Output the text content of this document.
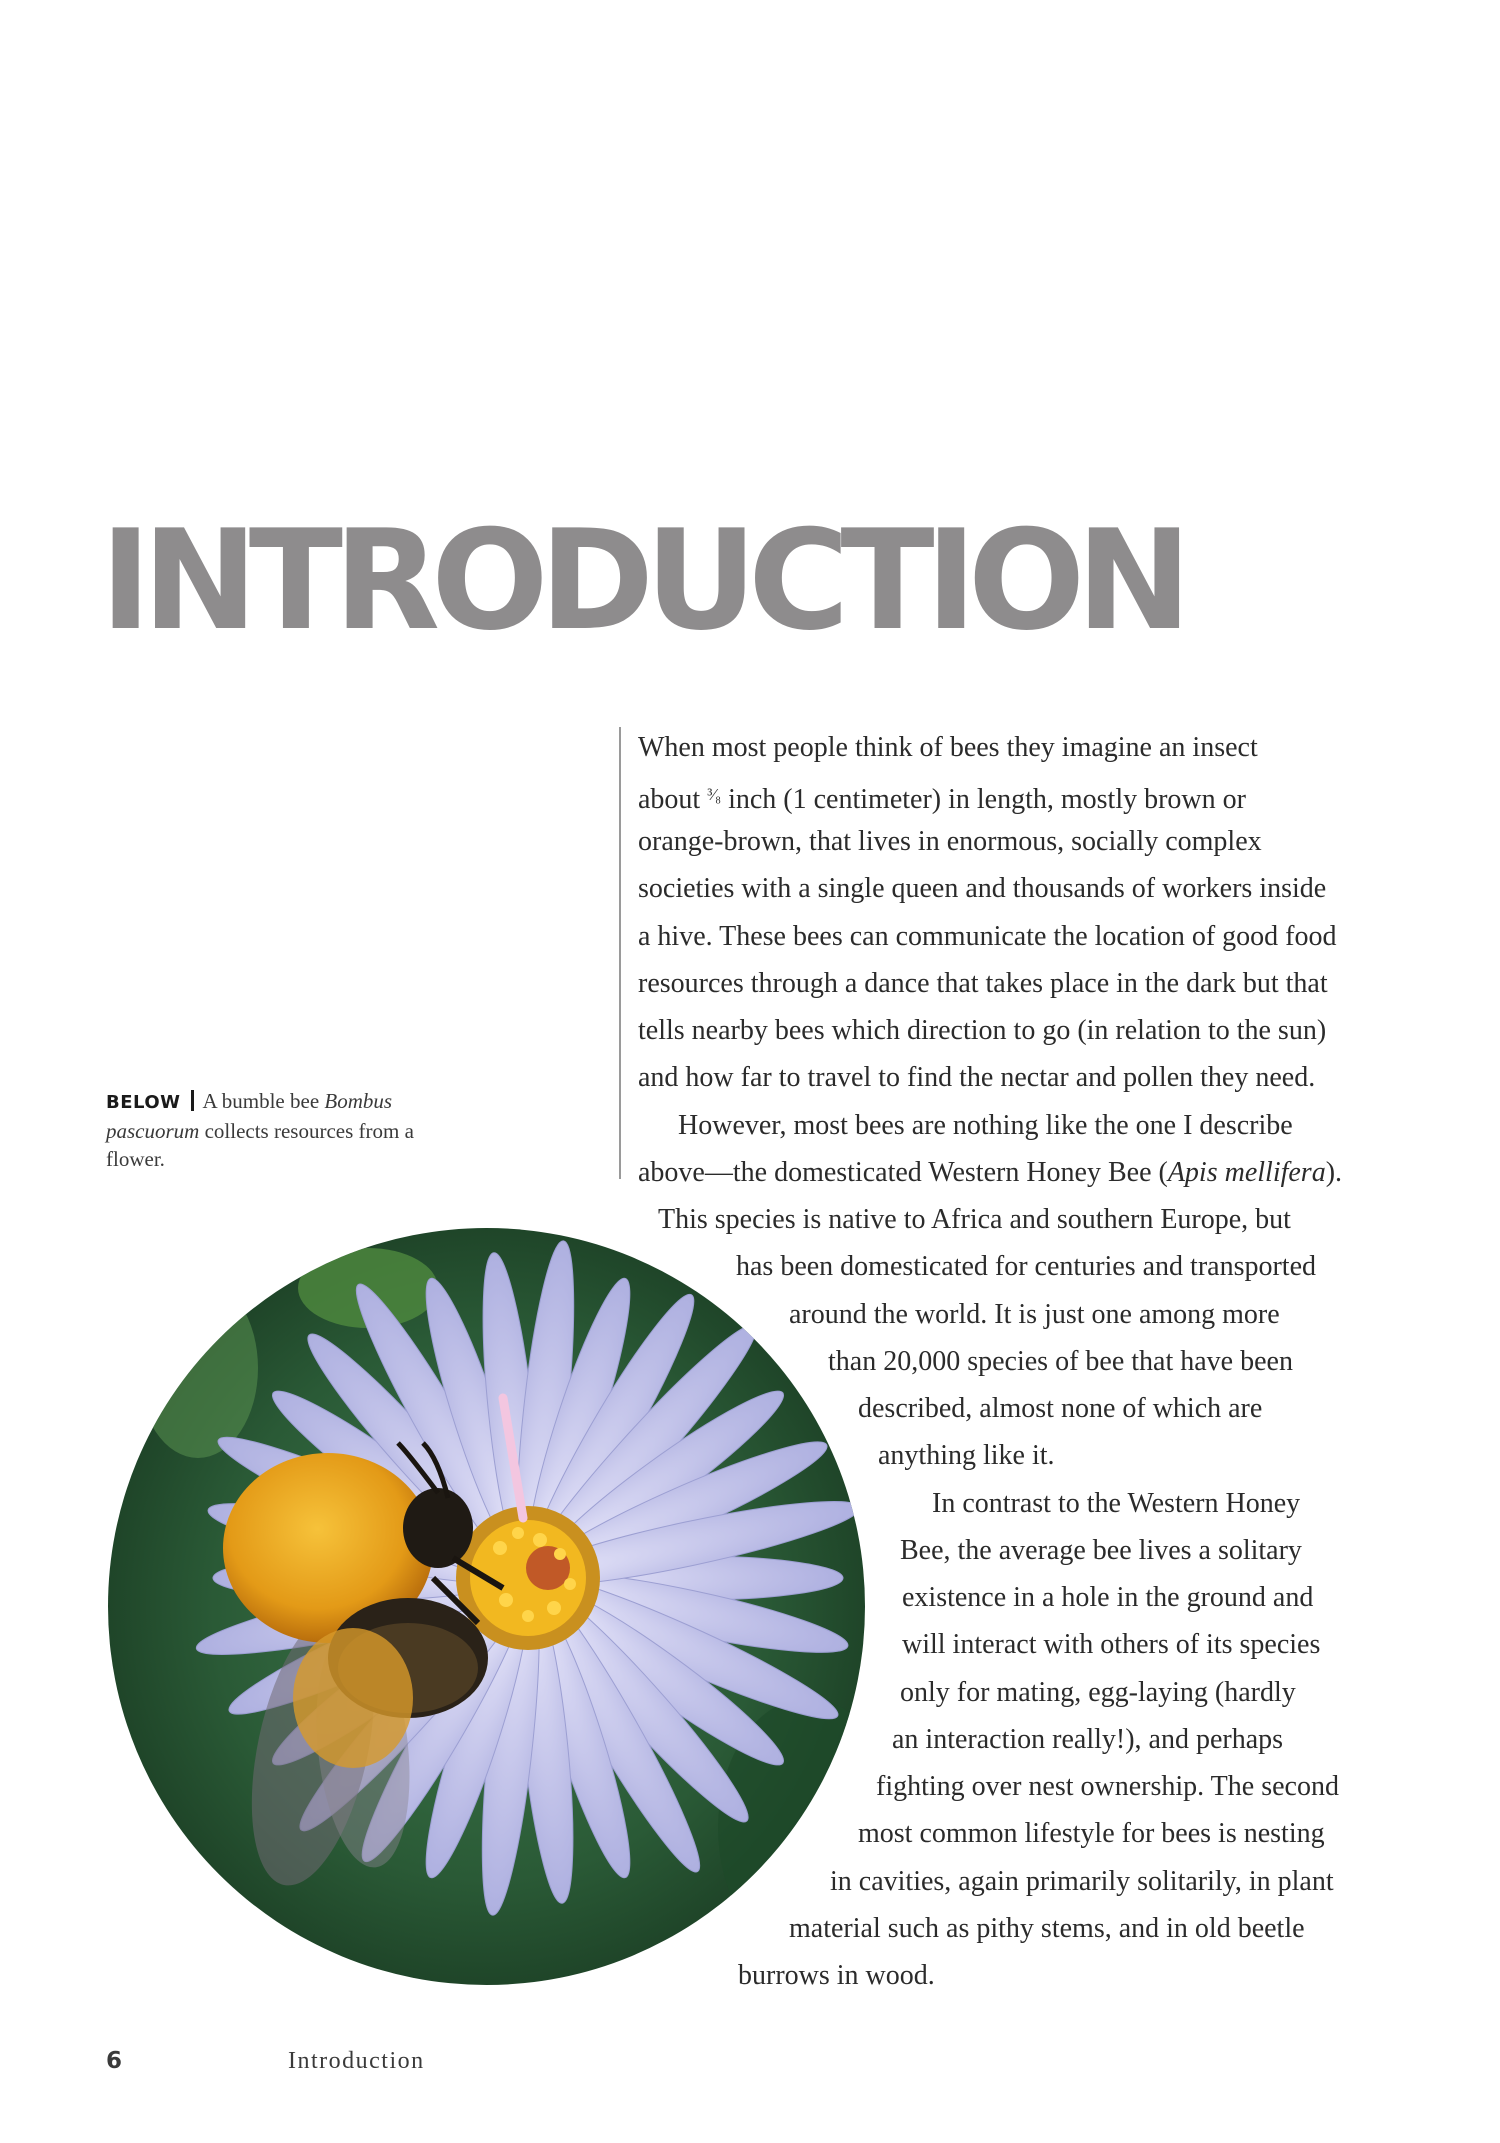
INTRODUCTION
BELOW A bumble bee Bombus pascuorum collects resources from a flower.
When most people think of bees they imagine an insect
about $^{^3⁄_8}$ inch (1 centimeter) in length, mostly brown or
orange-brown, that lives in enormous, socially complex
societies with a single queen and thousands of workers inside
a hive. These bees can communicate the location of good food
resources through a dance that takes place in the dark but that
tells nearby bees which direction to go (in relation to the sun)
and how far to travel to find the nectar and pollen they need.
However, most bees are nothing like the one I describe
above—the domesticated Western Honey Bee (Apis mellifera).
This species is native to Africa and southern Europe, but
has been domesticated for centuries and transported
around the world. It is just one among more
than 20,000 species of bee that have been
described, almost none of which are
anything like it.
In contrast to the Western Honey
Bee, the average bee lives a solitary
existence in a hole in the ground and
will interact with others of its species
only for mating, egg-laying (hardly
an interaction really!), and perhaps
fighting over nest ownership. The second
most common lifestyle for bees is nesting
in cavities, again primarily solitarily, in plant
material such as pithy stems, and in old beetle
burrows in wood.
6	Introduction
